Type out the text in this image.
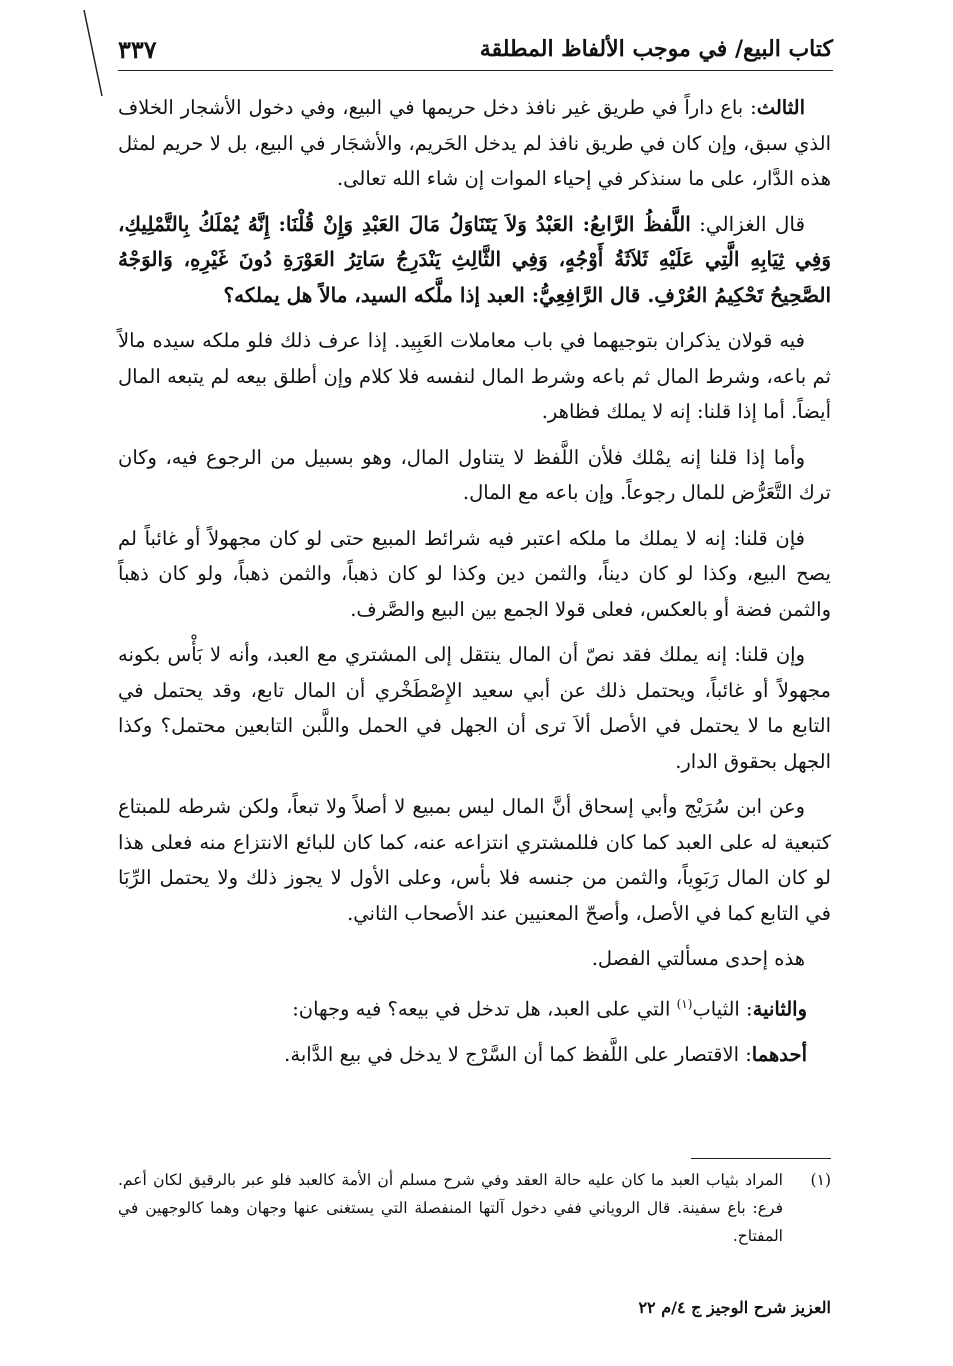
كتاب البيع/ في موجب الألفاظ المطلقة
٣٣٧

الثالث: باع داراً في طريق غير نافذ دخل حريمها في البيع، وفي دخول الأشجار الخلاف الذي سبق، وإن كان في طريق نافذ لم يدخل الحَريم، والأشجَار في البيع، بل لا حريم لمثل هذه الدَّار، على ما سنذكر في إحياء الموات إن شاء الله تعالى.

قال الغزالي: اللَّفظُ الرَّابعُ: العَبْدُ وَلاَ يَتَنَاوَلُ مَالَ العَبْدِ وَإِنْ قُلْنَا: إِنَّهُ يُمْلَكُ بِالتَّمْلِيكِ، وَفِي ثِيَابِهِ الَّتِي عَلَيْهِ ثَلاَثَةُ أَوْجُهٍ، وَفِي الثَّالِثِ يَنْدَرِجُ سَاتِرُ العَوْرَةِ دُونَ غَيْرِهِ، وَالوَجْهُ الصَّحِيحُ تَحْكِيمُ العُرْفِ. قال الرَّافِعِيُّ: العبد إذا ملَّكه السيد، مالاً هل يملكه؟

فيه قولان يذكران بتوجيهما في باب معاملات العَبِيد. إذا عرف ذلك فلو ملكه سيده مالاً ثم باعه، وشرط المال ثم باعه وشرط المال لنفسه فلا كلام وإن أطلق بيعه لم يتبعه المال أيضاً. أما إذا قلنا: إنه لا يملك فظاهر.

وأما إذا قلنا إنه يمْلك فلأن اللَّفظ لا يتناول المال، وهو بسبيل من الرجوع فيه، وكان ترك التَّعَرُّض للمال رجوعاً. وإن باعه مع المال.

فإن قلنا: إنه لا يملك ما ملكه اعتبر فيه شرائط المبيع حتى لو كان مجهولاً أو غائباً لم يصح البيع، وكذا لو كان ديناً، والثمن دين وكذا لو كان ذهباً، والثمن ذهباً، ولو كان ذهباً والثمن فضة أو بالعكس، فعلى قولا الجمع بين البيع والصَّرف.

وإن قلنا: إنه يملك فقد نصّ أن المال ينتقل إلى المشتري مع العبد، وأنه لا بَأْس بكونه مجهولاً أو غائباً، ويحتمل ذلك عن أبي سعيد الإِصْطَخْري أن المال تابع، وقد يحتمل في التابع ما لا يحتمل في الأصل ألاَ ترى أن الجهل في الحمل واللَّبن التابعين محتمل؟ وكذا الجهل بحقوق الدار.

وعن ابن سُرَيْج وأبي إسحاق أنَّ المال ليس بمبيع لا أصلاً ولا تبعاً، ولكن شرطه للمبتاع كتبعية له على العبد كما كان فللمشتري انتزاعه عنه، كما كان للبائع الانتزاع منه فعلى هذا لو كان المال رَبَوِياً، والثمن من جنسه فلا بأس، وعلى الأول لا يجوز ذلك ولا يحتمل الرِّبَا في التابع كما في الأصل، وأصحّ المعنيين عند الأصحاب الثاني.

هذه إحدى مسألتي الفصل.

والثانية: الثياب$^{(١)}$ التي على العبد، هل تدخل في بيعه؟ فيه وجهان:

أحدهما: الاقتصار على اللَّفظ كما أن السَّرْج لا يدخل في بيع الدَّابة.

(١)
المراد بثياب العبد ما كان عليه حالة العقد وفي شرح مسلم أن الأمة كالعبد فلو عبر بالرقيق لكان أعم. فرع: باع سفينة. قال الروياني ففي دخول آلتها المنفصلة التي يستغنى عنها وجهان وهما كالوجهين في المفتاح.
العزيز شرح الوجيز ج ٤/م ٢٢
